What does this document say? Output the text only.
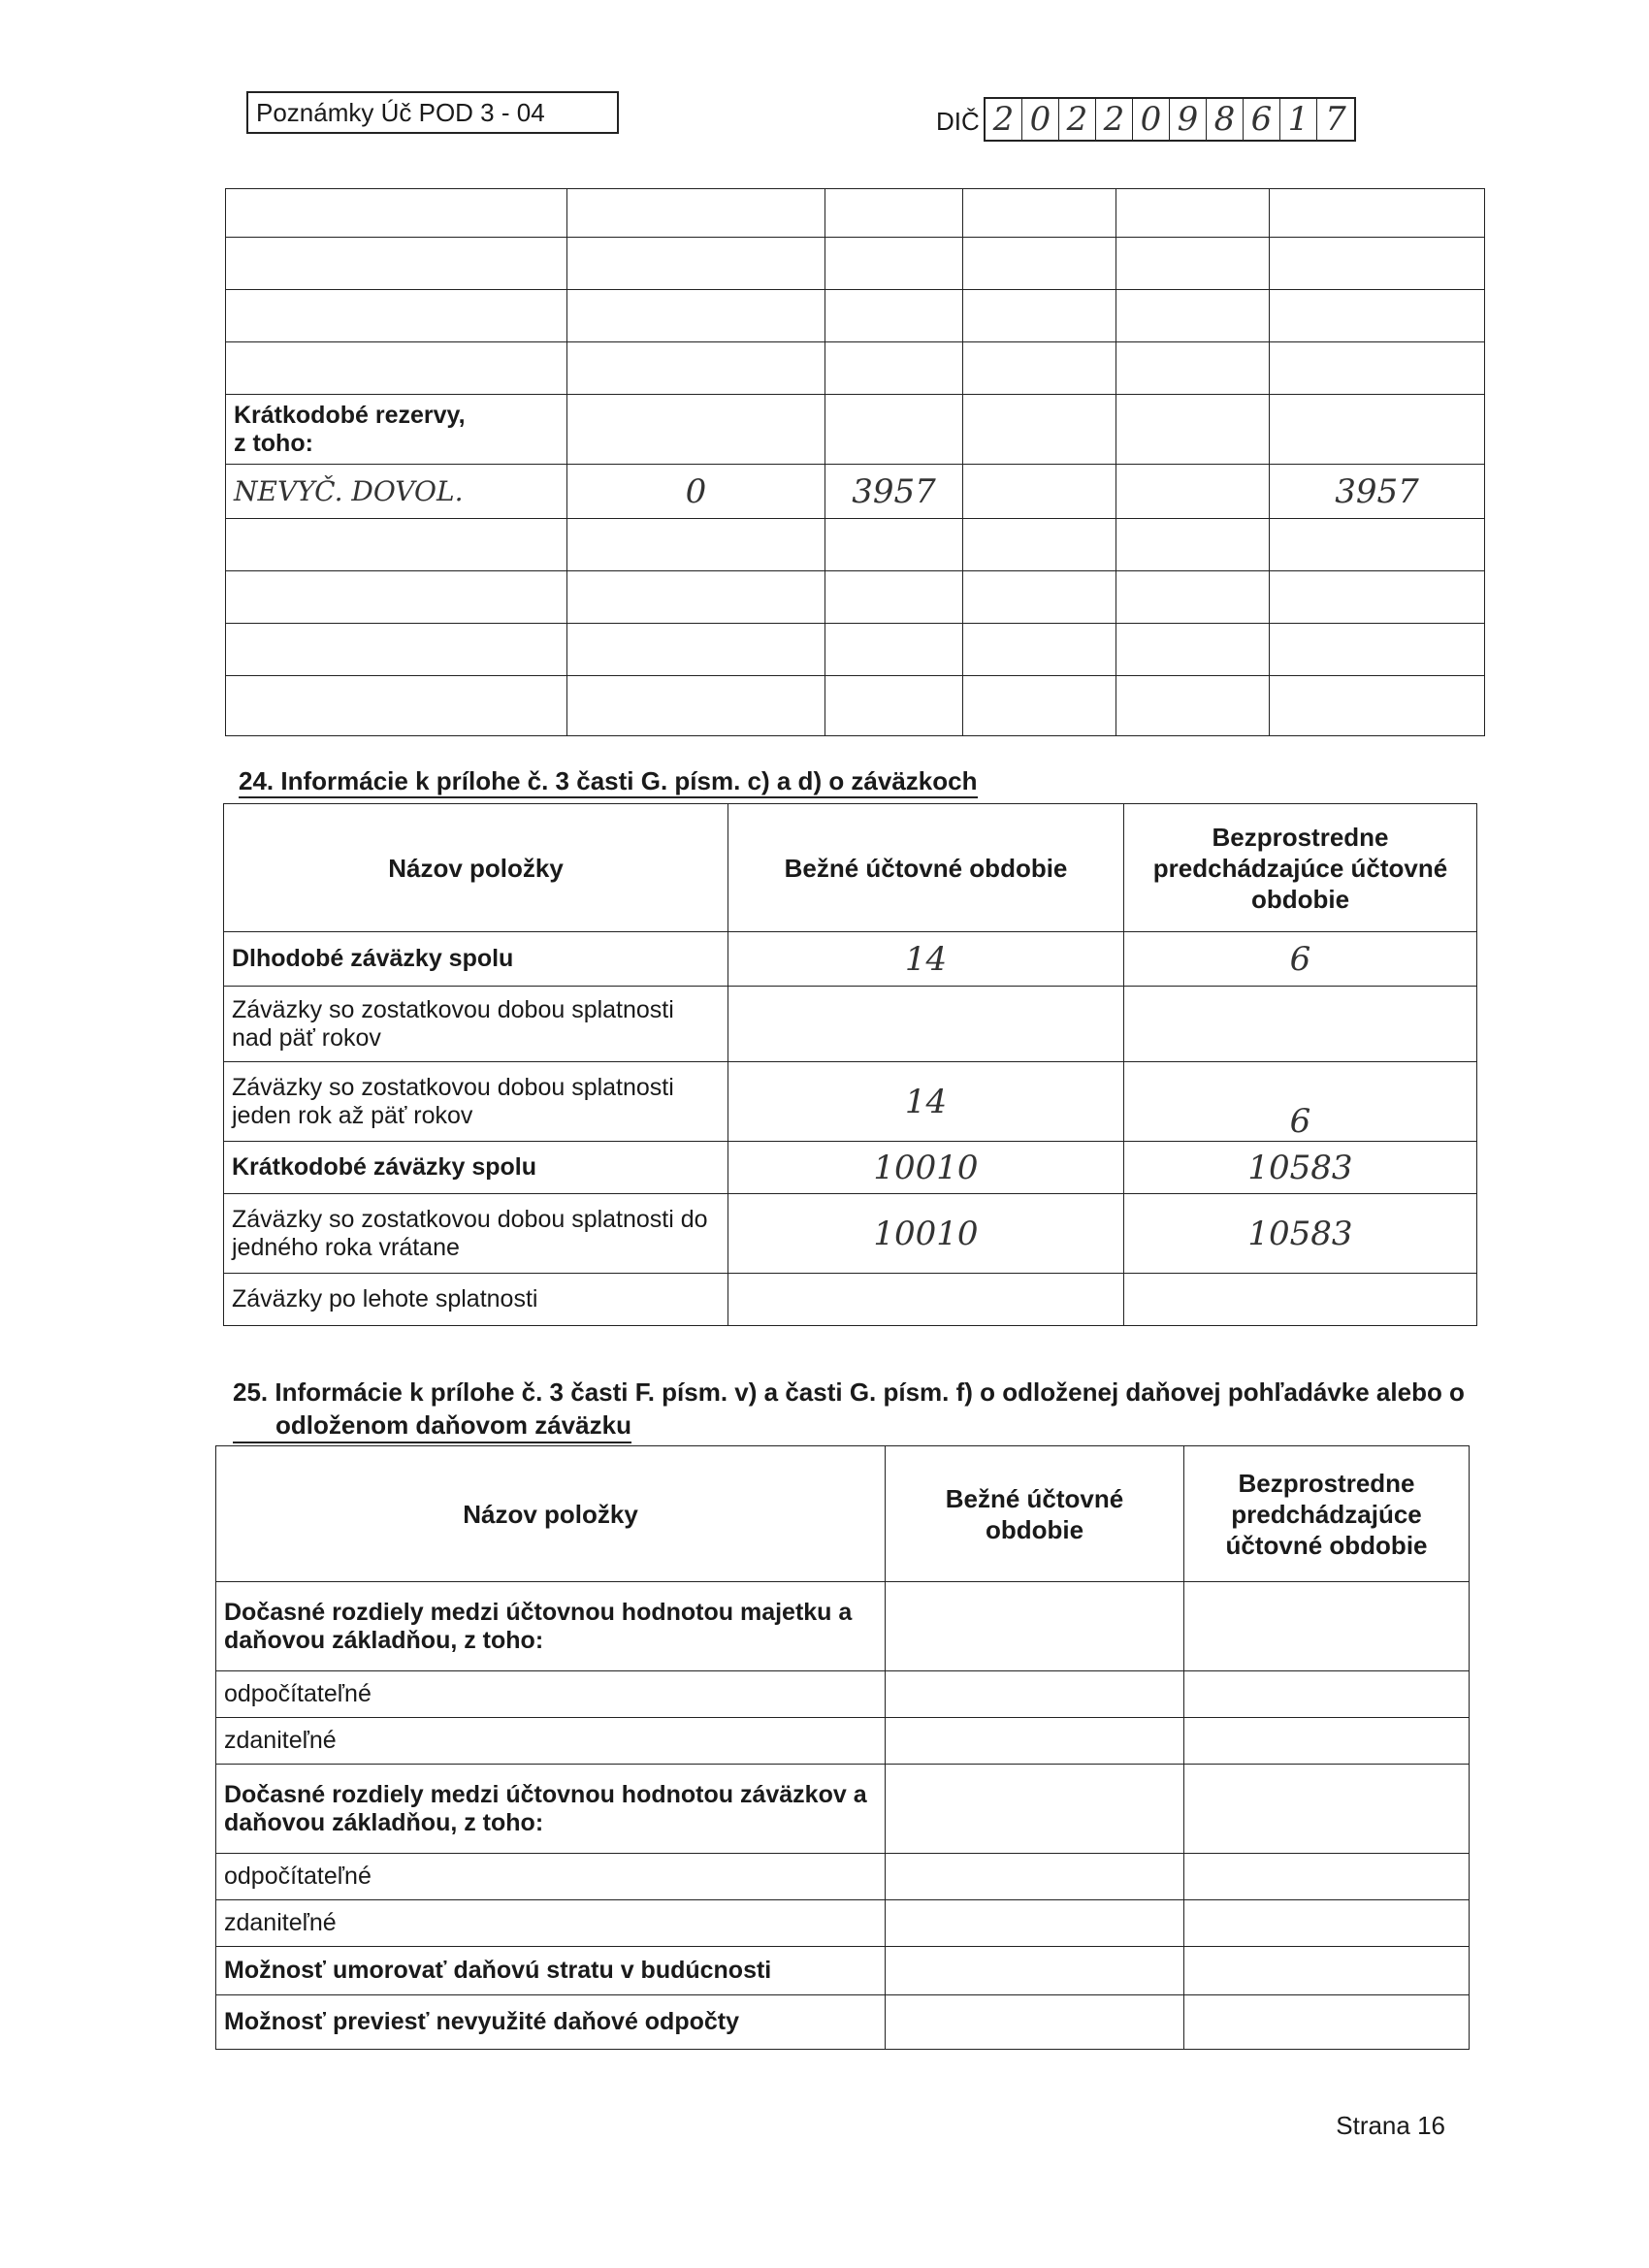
Poznámky Úč POD 3 - 04	DIČ 2 0 2 2 0 9 8 6 1 7

Krátkodobé rezervy,
z toho:					

NEVYČ. DOVOL.	0	3957			3957

24. Informácie k prílohe č. 3 časti G. písm. c) a d) o záväzkoch
Názov položky	Bežné účtovné obdobie	Bezprostredne predchádzajúce účtovné obdobie
Dlhodobé záväzky spolu	14	6
Záväzky so zostatkovou dobou splatnosti nad päť rokov		
Záväzky so zostatkovou dobou splatnosti jeden rok až päť rokov	14	6
Krátkodobé záväzky spolu	10010	10583
Záväzky so zostatkovou dobou splatnosti do jedného roka vrátane	10010	10583
Záväzky po lehote splatnosti		
25. Informácie k prílohe č. 3 časti F. písm. v) a časti G. písm. f) o odloženej daňovej pohľadávke alebo o
odloženom daňovom záväzku
Názov položky	Bežné účtovné obdobie	Bezprostredne predchádzajúce účtovné obdobie
Dočasné rozdiely medzi účtovnou hodnotou majetku a daňovou základňou, z toho:		
odpočítateľné		
zdaniteľné		
Dočasné rozdiely medzi účtovnou hodnotou záväzkov a daňovou základňou, z toho:		
odpočítateľné		
zdaniteľné		
Možnosť umorovať daňovú stratu v budúcnosti		
Možnosť previesť nevyužité daňové odpočty		
Strana 16
